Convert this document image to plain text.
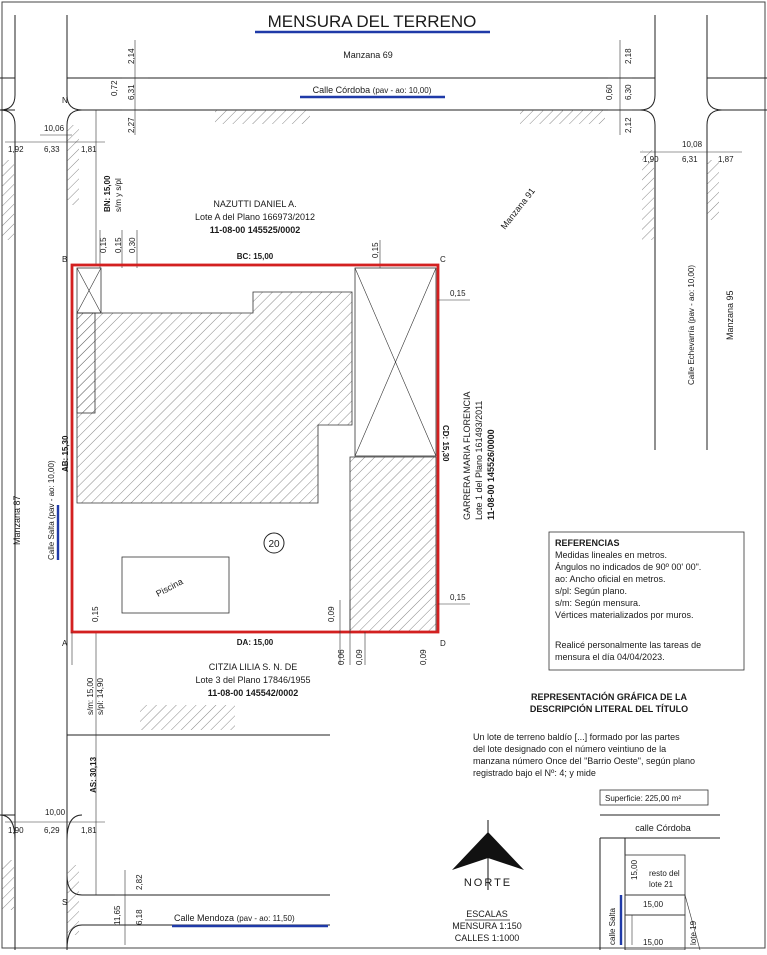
MENSURA DEL TERRENO
Manzana 69
Manzana 91
Manzana 95
Manzana 87
Calle Córdoba (pav - ao: 10,00)
Calle Salta (pav - ao: 10,00)
Calle Echevarría (pav - ao: 10,00)
Calle Mendoza (pav - ao: 11,50)
2,14
0,72 6,31
2,27
2,18
0,60 6,30
2,12
10,06
1,92	6,33	1,81
10,08
1,90	6,31	1,87
10,00
1,90	6,29	1,81
2,82
11,65 6,18
N
S
BN: 15,00 s/m y s/pl
AS: 30,13
s/m: 15,00 s/pl: 14,90
NAZUTTI DANIEL A.
Lote A del Plano 166973/2012
11-08-00 145525/0002
0,15 0,15 0,30	0,15
Piscina
20
B	C
D
A
BC: 15,00
DA: 15,00
AB: 15,30	CD: 15,30
0,15
0,15
0,15	0,09
0,06 0,09	0,09
GARRERA MARIA FLORENCIA Lote 1 del Plano 161493/2011 11-08-00 145526/0000
CITZIA LILIA S. N. DE
Lote 3 del Plano 17846/1955
11-08-00 145542/0002
REFERENCIAS
Medidas lineales en metros.
Ángulos no indicados de 90º 00' 00".
ao: Ancho oficial en metros.
s/pl: Según plano.
s/m: Según mensura.
Vértices materializados por muros.
Realicé personalmente las tareas de
mensura el día 04/04/2023.
REPRESENTACIÓN GRÁFICA DE LA
DESCRIPCIÓN LITERAL DEL TÍTULO
Un lote de terreno baldío [...] formado por las partes
del lote designado con el número veintiuno de la
manzana número Once del "Barrio Oeste", según plano
registrado bajo el Nº: 4; y mide
Superficie: 225,00 m²
NORTE
ESCALAS
MENSURA 1:150
CALLES 1:1000
calle Córdoba
calle Salta
resto del
lote 21
lote 19
15,00
15,00
15,00
